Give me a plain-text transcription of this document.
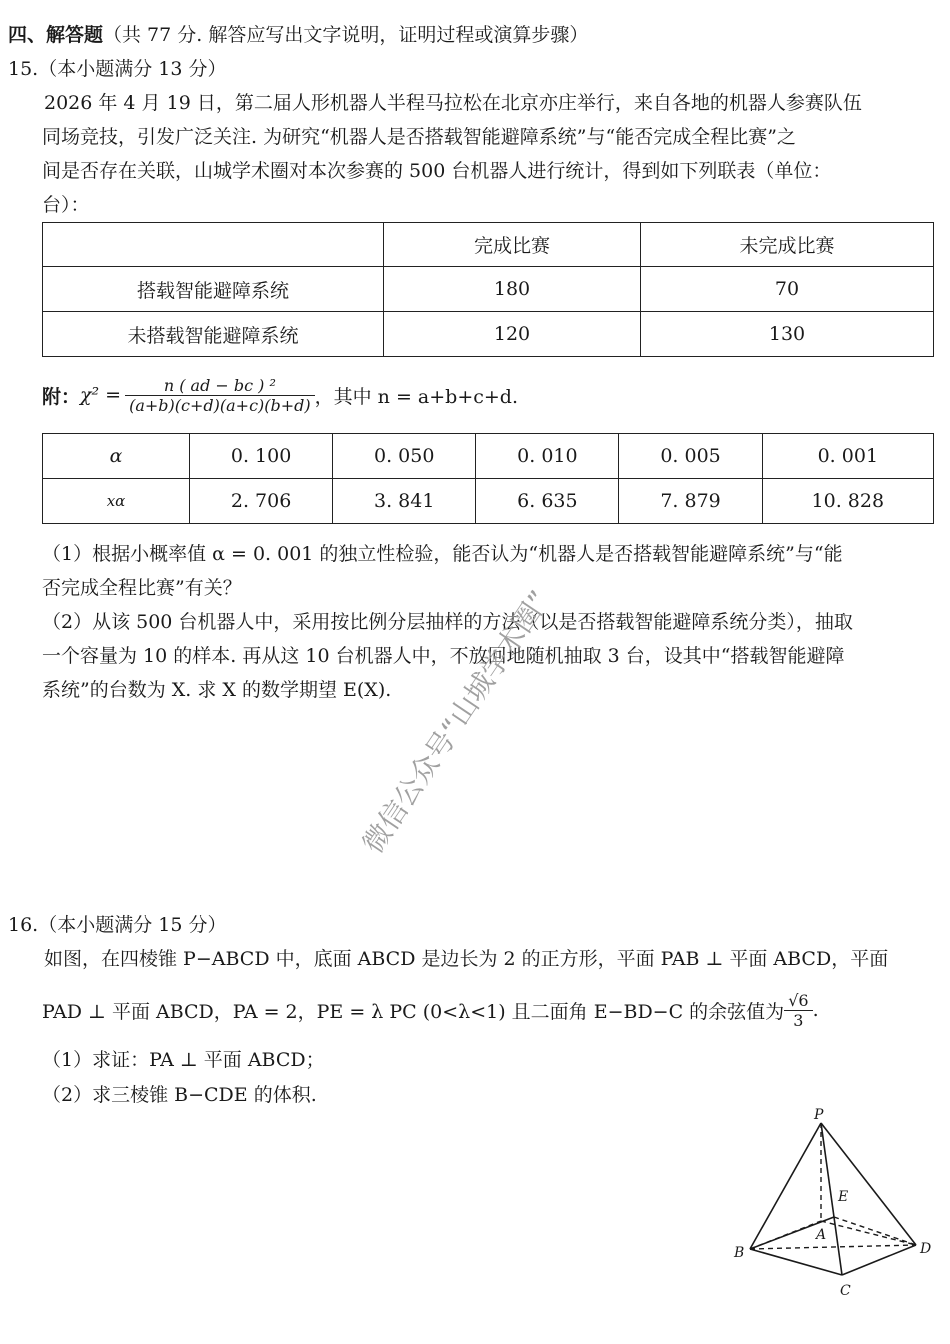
四、解答题（共 77 分. 解答应写出文字说明，证明过程或演算步骤）
15.（本小题满分 13 分）
2026 年 4 月 19 日，第二届人形机器人半程马拉松在北京亦庄举行，来自各地的机器人参赛队伍
同场竞技，引发广泛关注. 为研究“机器人是否搭载智能避障系统”与“能否完成全程比赛”之
间是否存在关联，山城学术圈对本次参赛的 500 台机器人进行统计，得到如下列联表（单位：
台）：
	完成比赛	未完成比赛
搭载智能避障系统	180	70
未搭载智能避障系统	120	130
附： $\chi^2 = \frac{\text{n ( ad − bc ) ²}}{(a+b)(c+d)(a+c)(b+d)}$ ，其中 n = a+b+c+d.
α	0. 100	0. 050	0. 010	0. 005	0. 001
xα	2. 706	3. 841	6. 635	7. 879	10. 828
（1）根据小概率值 α = 0. 001 的独立性检验，能否认为“机器人是否搭载智能避障系统”与“能
否完成全程比赛”有关？
（2）从该 500 台机器人中，采用按比例分层抽样的方法（以是否搭载智能避障系统分类），抽取
一个容量为 10 的样本. 再从这 10 台机器人中，不放回地随机抽取 3 台，设其中“搭载智能避障
系统”的台数为 X. 求 X 的数学期望 E(X).
微信公众号“山城学术圈”
16.（本小题满分 15 分）
如图，在四棱锥 P−ABCD 中，底面 ABCD 是边长为 2 的正方形，平面 PAB ⊥ 平面 ABCD，平面
PAD ⊥ 平面 ABCD，PA = 2，PE = λ PC (0<λ<1) 且二面角 E−BD−C 的余弦值为 $\frac{√6}{3}$ .
（1）求证：PA ⊥ 平面 ABCD；
（2）求三棱锥 B−CDE 的体积.
P
E
A
B
C
D
